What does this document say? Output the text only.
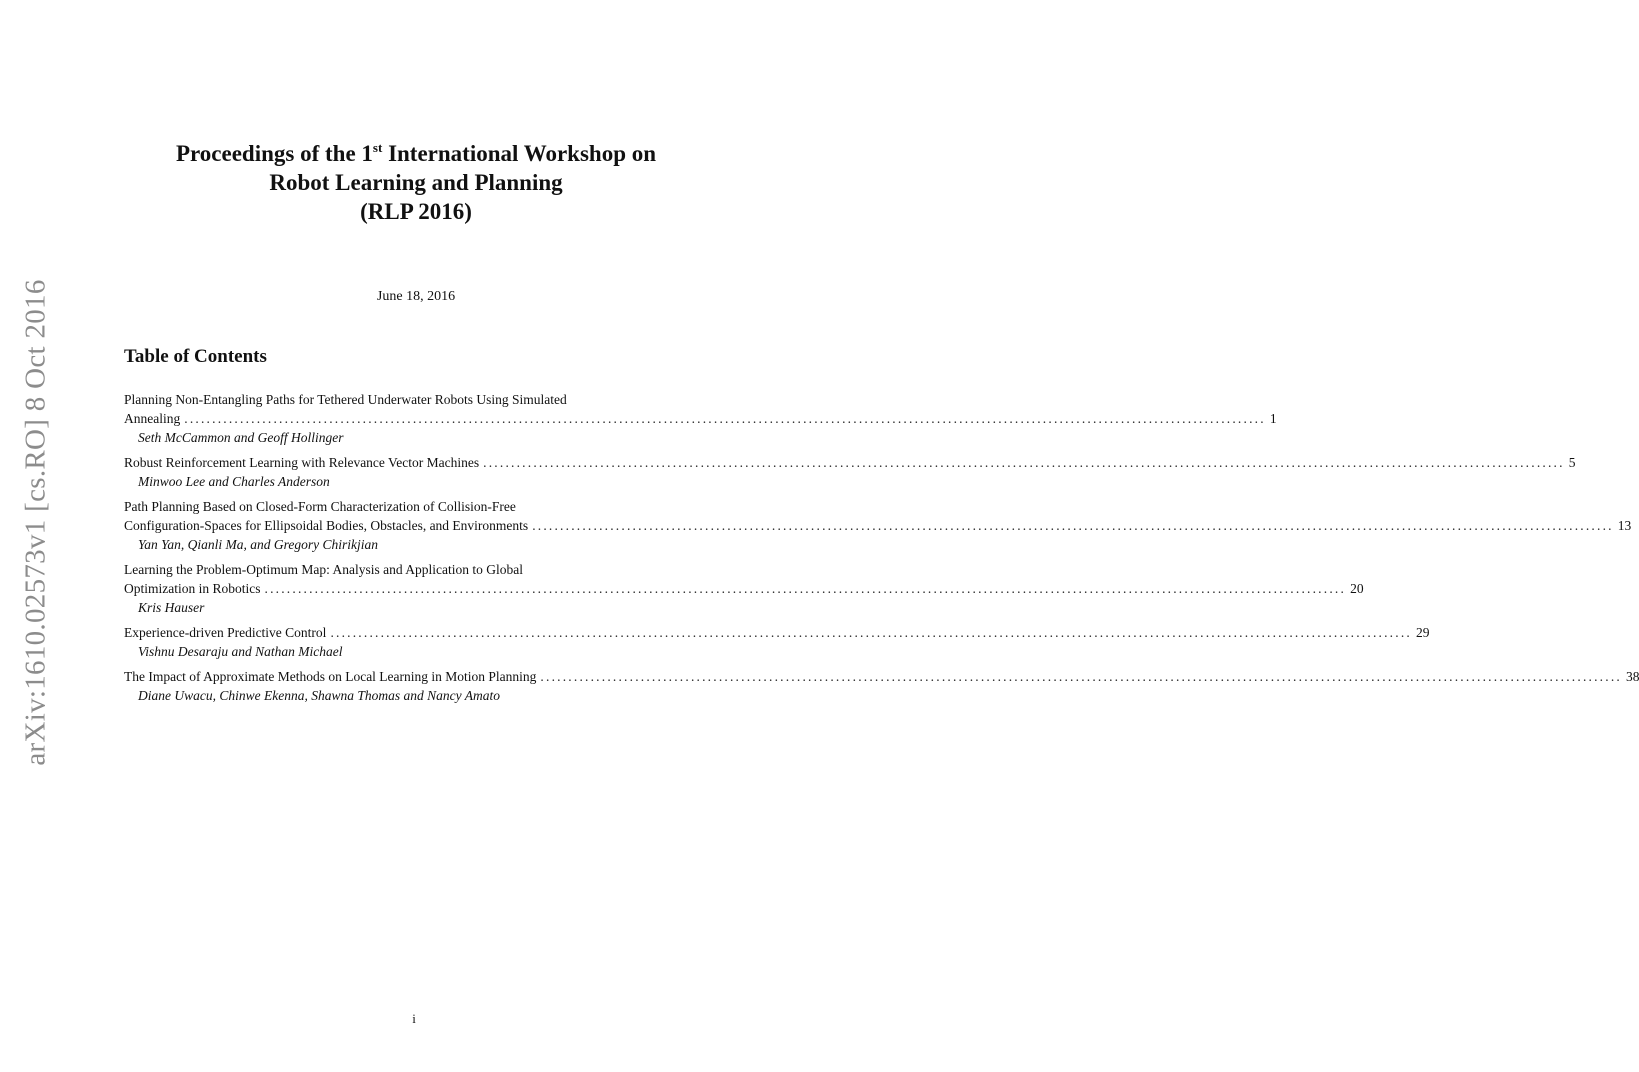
arXiv:1610.02573v1 [cs.RO] 8 Oct 2016
Proceedings of the 1st International Workshop on
Robot Learning and Planning
(RLP 2016)
June 18, 2016
Table of Contents
Planning Non-Entangling Paths for Tethered Underwater Robots Using Simulated
Annealing .................................................................................................................................................................................................. 1
Seth McCammon and Geoff Hollinger
Robust Reinforcement Learning with Relevance Vector Machines .................................................................................................................................................................................................. 5
Minwoo Lee and Charles Anderson
Path Planning Based on Closed-Form Characterization of Collision-Free
Configuration-Spaces for Ellipsoidal Bodies, Obstacles, and Environments .................................................................................................................................................................................................. 13
Yan Yan, Qianli Ma, and Gregory Chirikjian
Learning the Problem-Optimum Map: Analysis and Application to Global
Optimization in Robotics .................................................................................................................................................................................................. 20
Kris Hauser
Experience-driven Predictive Control .................................................................................................................................................................................................. 29
Vishnu Desaraju and Nathan Michael
The Impact of Approximate Methods on Local Learning in Motion Planning .................................................................................................................................................................................................. 38
Diane Uwacu, Chinwe Ekenna, Shawna Thomas and Nancy Amato
i
